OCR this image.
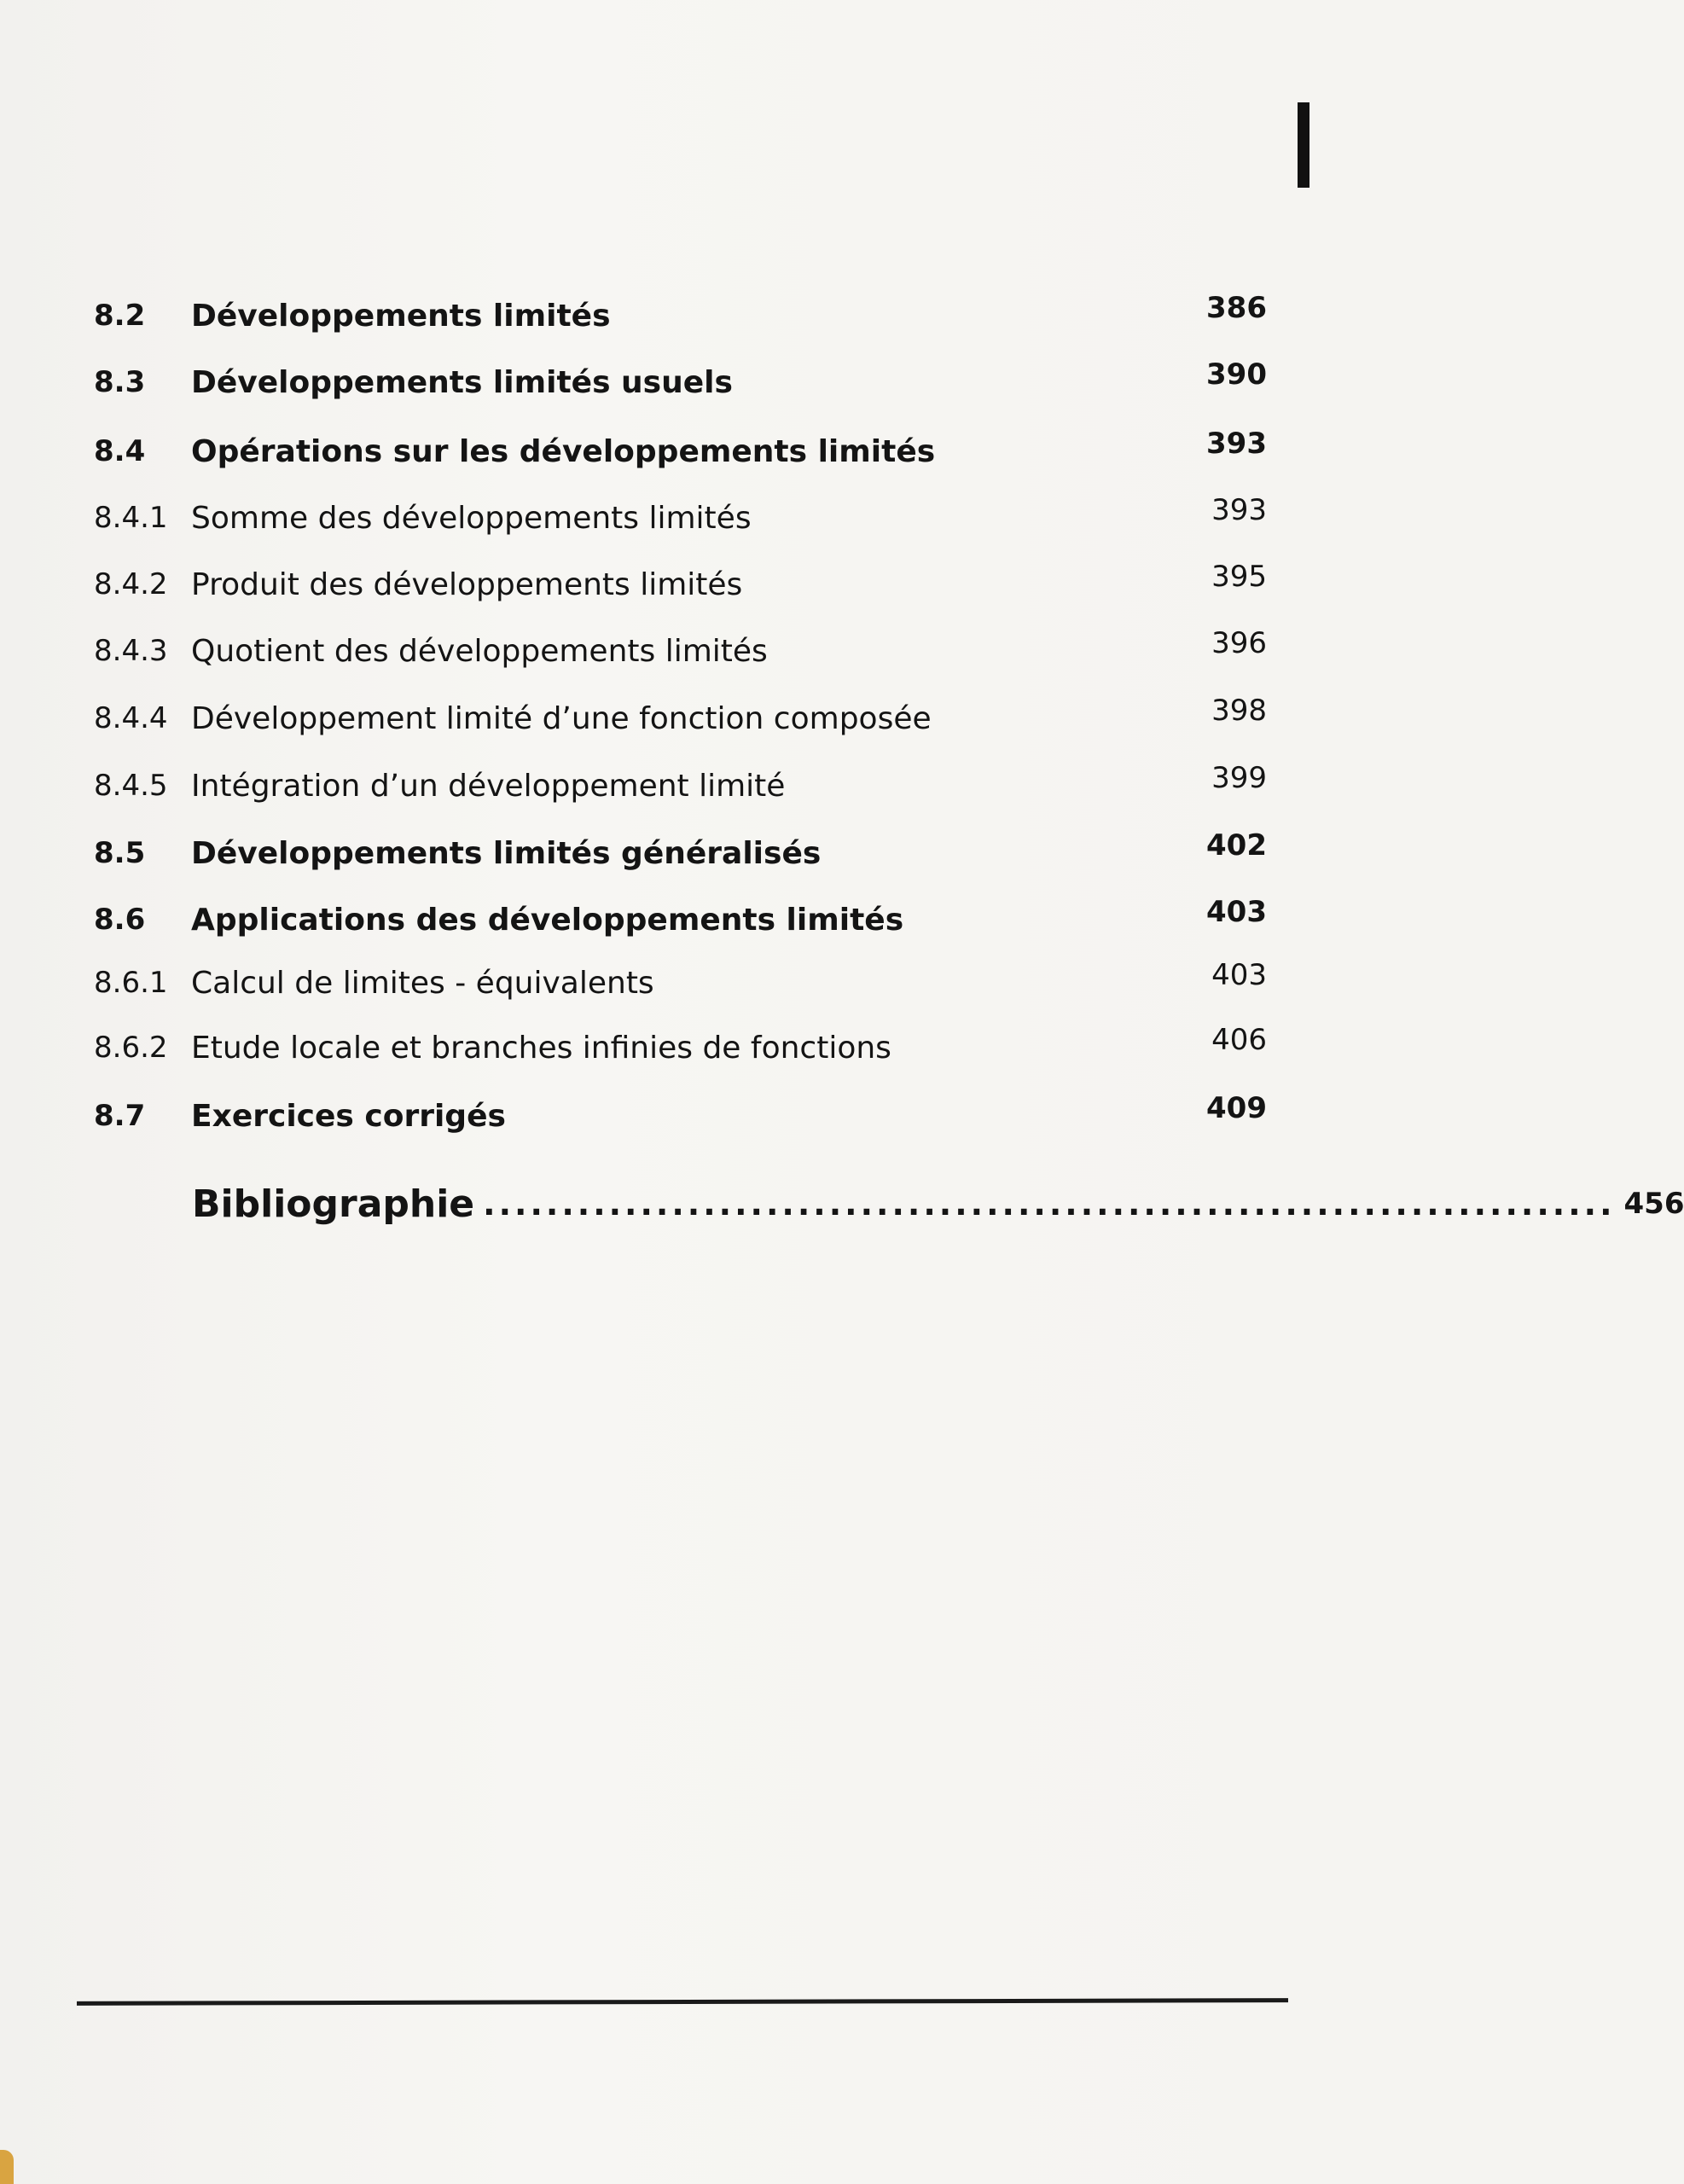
8.2	Développements limités	386
8.3	Développements limités usuels	390
8.4	Opérations sur les développements limités	393
8.4.1 Somme des développements limités	393
8.4.2 Produit des développements limités	395
8.4.3 Quotient des développements limités	396
8.4.4 Développement limité d’une fonction composée	398
8.4.5 Intégration d’un développement limité	399
8.5	Développements limités généralisés	402
8.6	Applications des développements limités	403
8.6.1 Calcul de limites - équivalents	403
8.6.2 Etude locale et branches infinies de fonctions	406
8.7	Exercices corrigés	409
Bibliographie ........................................................................ 456
